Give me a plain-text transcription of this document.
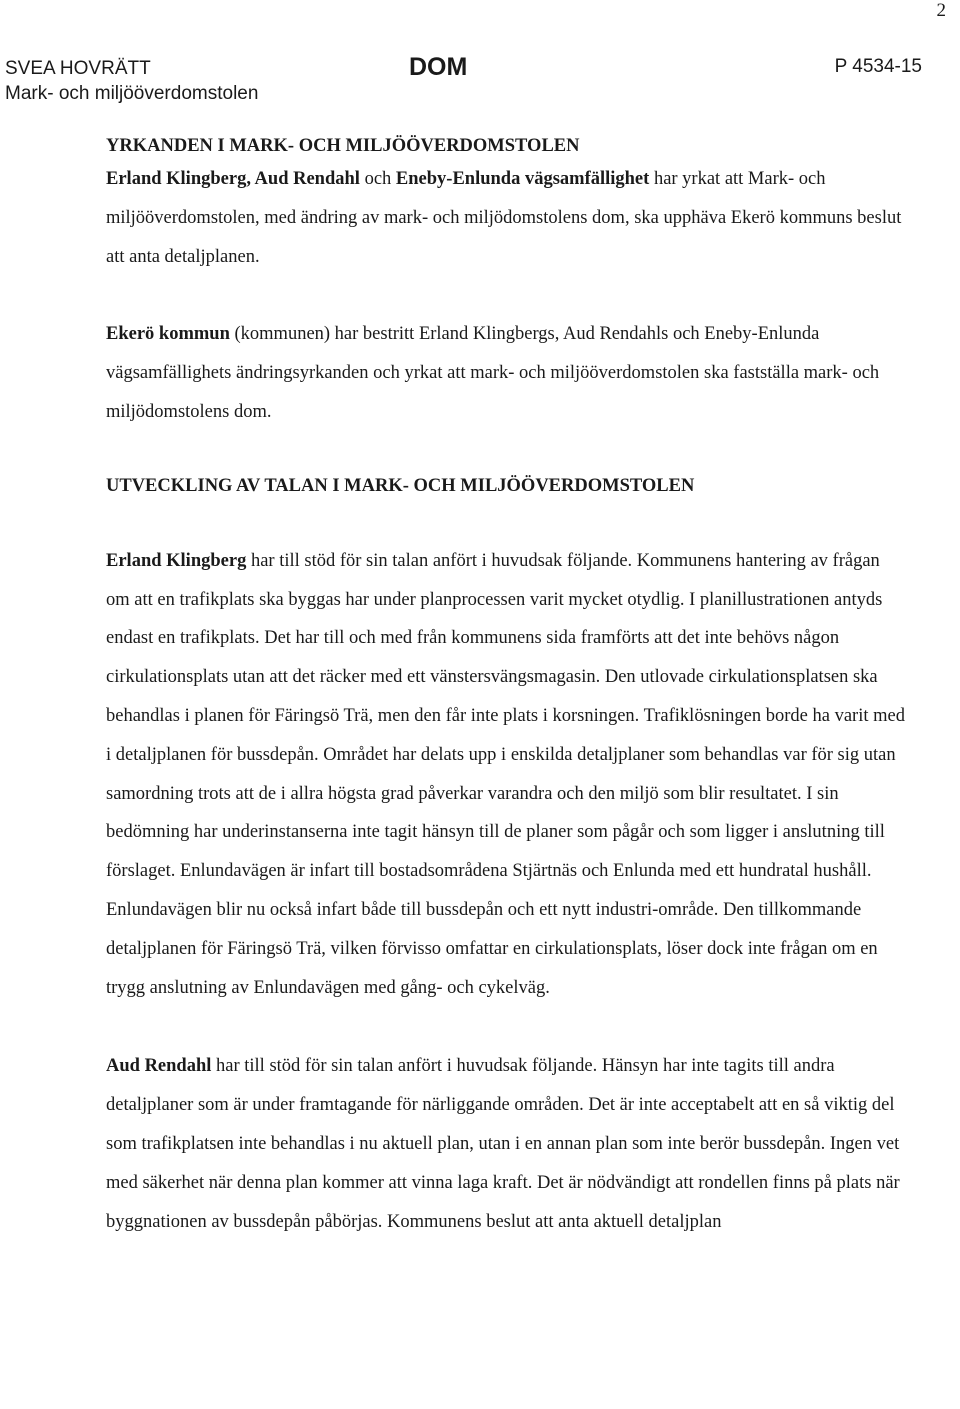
2
SVEA HOVRÄTT
Mark- och miljööverdomstolen
DOM	P 4534-15

YRKANDEN I MARK- OCH MILJÖÖVERDOMSTOLEN

Erland Klingberg, Aud Rendahl och Eneby-Enlunda vägsamfällighet har yrkat att Mark- och miljööverdomstolen, med ändring av mark- och miljödomstolens dom, ska upphäva Ekerö kommuns beslut att anta detaljplanen.

Ekerö kommun (kommunen) har bestritt Erland Klingbergs, Aud Rendahls och Eneby-Enlunda vägsamfällighets ändringsyrkanden och yrkat att mark- och miljööverdomstolen ska fastställa mark- och miljödomstolens dom.

UTVECKLING AV TALAN I MARK- OCH MILJÖÖVERDOMSTOLEN

Erland Klingberg har till stöd för sin talan anfört i huvudsak följande. Kommunens hantering av frågan om att en trafikplats ska byggas har under planprocessen varit mycket otydlig. I planillustrationen antyds endast en trafikplats. Det har till och med från kommunens sida framförts att det inte behövs någon cirkulationsplats utan att det räcker med ett vänstersvängsmagasin. Den utlovade cirkulationsplatsen ska behandlas i planen för Färingsö Trä, men den får inte plats i korsningen. Trafiklösningen borde ha varit med i detaljplanen för bussdepån. Området har delats upp i enskilda detaljplaner som behandlas var för sig utan samordning trots att de i allra högsta grad påverkar varandra och den miljö som blir resultatet. I sin bedömning har underinstanserna inte tagit hänsyn till de planer som pågår och som ligger i anslutning till förslaget. Enlundavägen är infart till bostadsområdena Stjärtnäs och Enlunda med ett hundratal hushåll. Enlundavägen blir nu också infart både till bussdepån och ett nytt industri-område. Den tillkommande detaljplanen för Färingsö Trä, vilken förvisso omfattar en cirkulationsplats, löser dock inte frågan om en trygg anslutning av Enlundavägen med gång- och cykelväg.

Aud Rendahl har till stöd för sin talan anfört i huvudsak följande. Hänsyn har inte tagits till andra detaljplaner som är under framtagande för närliggande områden. Det är inte acceptabelt att en så viktig del som trafikplatsen inte behandlas i nu aktuell plan, utan i en annan plan som inte berör bussdepån. Ingen vet med säkerhet när denna plan kommer att vinna laga kraft. Det är nödvändigt att rondellen finns på plats när byggnationen av bussdepån påbörjas. Kommunens beslut att anta aktuell detaljplan
